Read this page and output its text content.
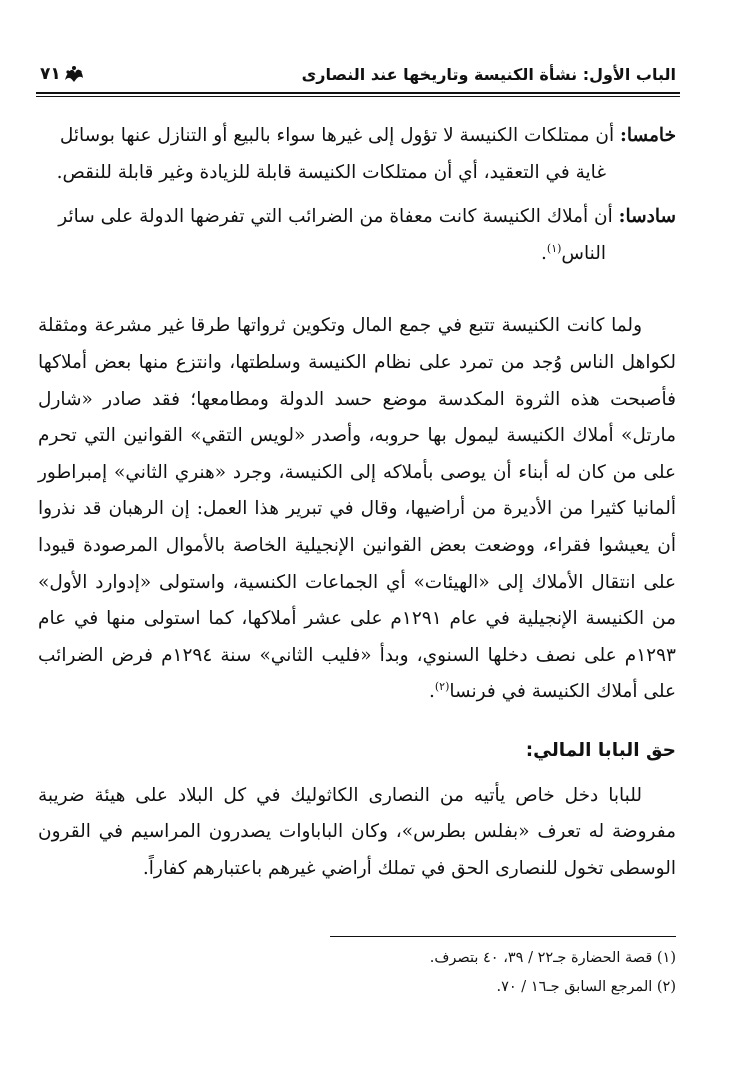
الباب الأول: نشأة الكنيسة وتاريخها عند النصارى
٧١

خامسا: أن ممتلكات الكنيسة لا تؤول إلى غيرها سواء بالبيع أو التنازل عنها بوسائل

غاية في التعقيد، أي أن ممتلكات الكنيسة قابلة للزيادة وغير قابلة للنقص.

سادسا: أن أملاك الكنيسة كانت معفاة من الضرائب التي تفرضها الدولة على سائر

الناس$^{(١)}$.

ولما كانت الكنيسة تتبع في جمع المال وتكوين ثرواتها طرقا غير مشرعة ومثقلة لكواهل الناس وُجد من تمرد على نظام الكنيسة وسلطتها، وانتزع منها بعض أملاكها فأصبحت هذه الثروة المكدسة موضع حسد الدولة ومطامعها؛ فقد صادر «شارل مارتل» أملاك الكنيسة ليمول بها حروبه، وأصدر «لويس التقي» القوانين التي تحرم على من كان له أبناء أن يوصى بأملاكه إلى الكنيسة، وجرد «هنري الثاني» إمبراطور ألمانيا كثيرا من الأديرة من أراضيها، وقال في تبرير هذا العمل: إن الرهبان قد نذروا أن يعيشوا فقراء، ووضعت بعض القوانين الإنجيلية الخاصة بالأموال المرصودة قيودا على انتقال الأملاك إلى «الهيئات» أي الجماعات الكنسية، واستولى «إدوارد الأول» من الكنيسة الإنجيلية في عام ١٢٩١م على عشر أملاكها، كما استولى منها في عام ١٢٩٣م على نصف دخلها السنوي، وبدأ «فليب الثاني» سنة ١٢٩٤م فرض الضرائب على أملاك الكنيسة في فرنسا$^{(٢)}$.

حق البابا المالي:

للبابا دخل خاص يأتيه من النصارى الكاثوليك في كل البلاد على هيئة ضريبة مفروضة له تعرف «بفلس بطرس»، وكان الباباوات يصدرون المراسيم في القرون الوسطى تخول للنصارى الحق في تملك أراضي غيرهم باعتبارهم كفاراً.

(١) قصة الحضارة جـ٢٢ / ٣٩، ٤٠ بتصرف.

(٢) المرجع السابق جـ١٦ / ٧٠.
